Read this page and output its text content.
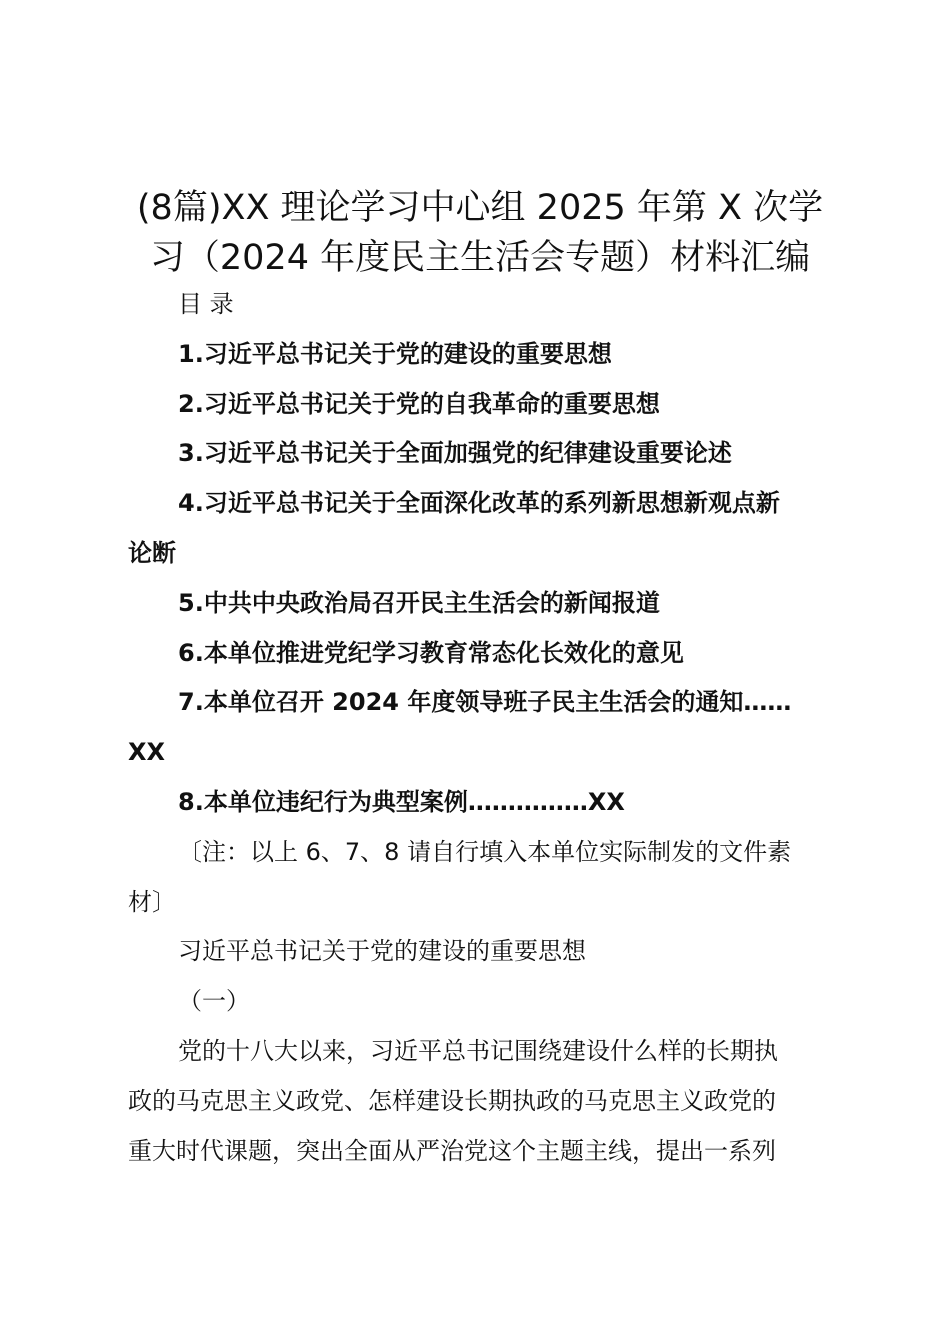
(8篇)XX 理论学习中心组 2025 年第 X 次学
习（2024 年度民主生活会专题）材料汇编
目 录
1.习近平总书记关于党的建设的重要思想
2.习近平总书记关于党的自我革命的重要思想
3.习近平总书记关于全面加强党的纪律建设重要论述
4.习近平总书记关于全面深化改革的系列新思想新观点新
论断
5.中共中央政治局召开民主生活会的新闻报道
6.本单位推进党纪学习教育常态化长效化的意见
7.本单位召开 2024 年度领导班子民主生活会的通知……
XX
8.本单位违纪行为典型案例……………XX
〔注：以上 6、7、8 请自行填入本单位实际制发的文件素
材〕
习近平总书记关于党的建设的重要思想
（一）
党的十八大以来，习近平总书记围绕建设什么样的长期执
政的马克思主义政党、怎样建设长期执政的马克思主义政党的
重大时代课题，突出全面从严治党这个主题主线，提出一系列
